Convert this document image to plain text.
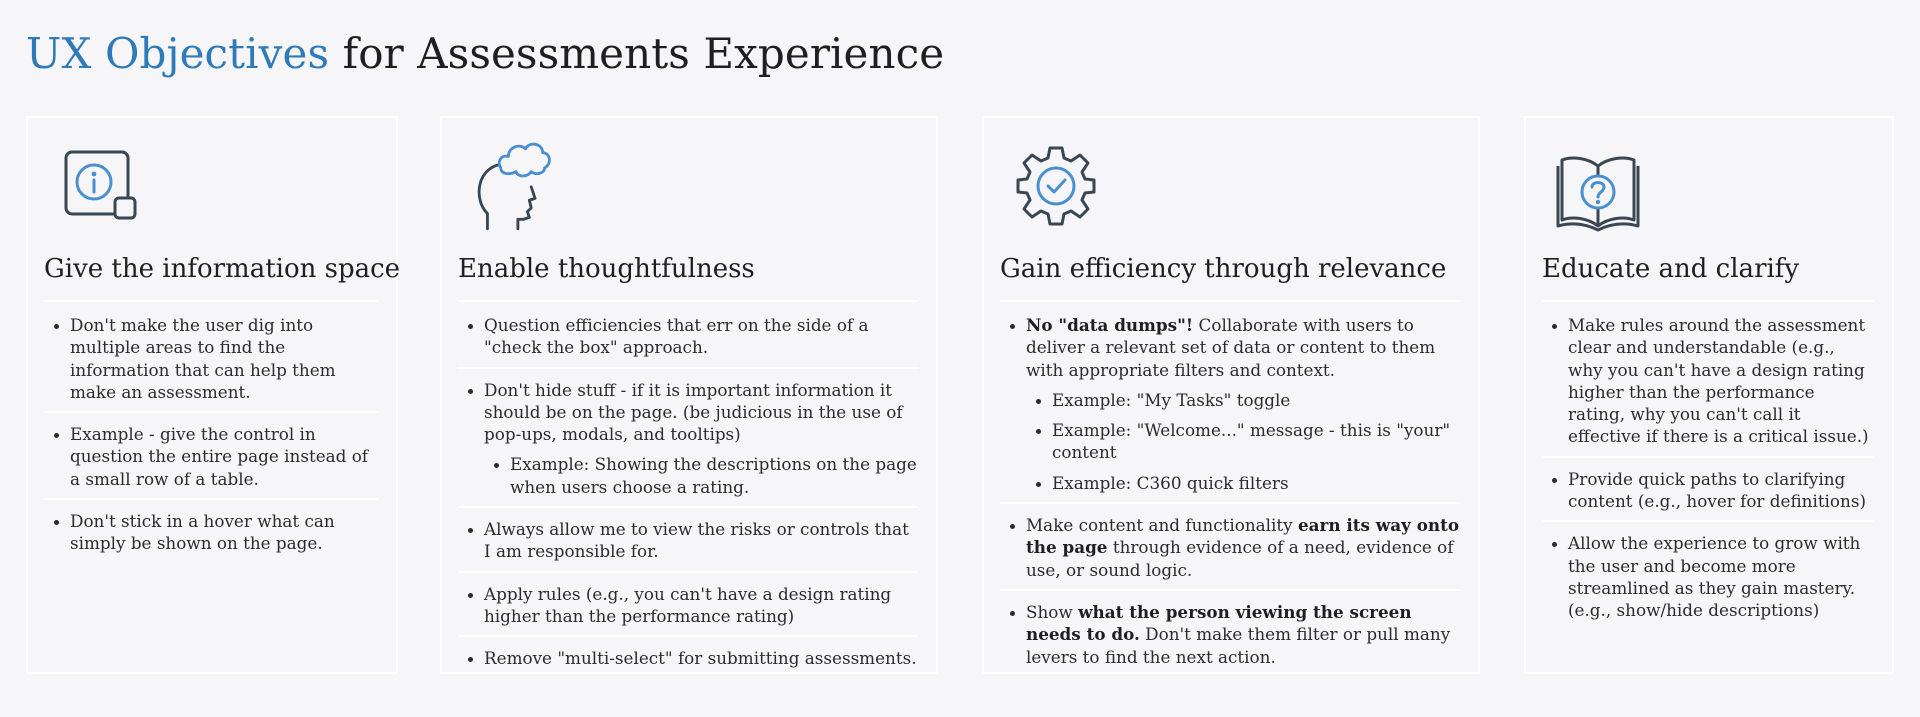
UX Objectives for Assessments Experience
Give the information space
Don't make the user dig into multiple areas to find the information that can help them make an assessment.
Example - give the control in question the entire page instead of a small row of a table.
Don't stick in a hover what can simply be shown on the page.
Enable thoughtfulness
Question efficiencies that err on the side of a "check the box" approach.
Don't hide stuff - if it is important information it should be on the page. (be judicious in the use of pop-ups, modals, and tooltips)
Example: Showing the descriptions on the page when users choose a rating.
Always allow me to view the risks or controls that I am responsible for.
Apply rules (e.g., you can't have a design rating higher than the performance rating)
Remove "multi-select" for submitting assessments.
Gain efficiency through relevance
No "data dumps"! Collaborate with users to deliver a relevant set of data or content to them with appropriate filters and context.
Example: "My Tasks" toggle
Example: "Welcome..." message - this is "your" content
Example: C360 quick filters
Make content and functionality earn its way onto the page through evidence of a need, evidence of use, or sound logic.
Show what the person viewing the screen needs to do. Don't make them filter or pull many levers to find the next action.
Educate and clarify
Make rules around the assessment clear and understandable (e.g., why you can't have a design rating higher than the performance rating, why you can't call it effective if there is a critical issue.)
Provide quick paths to clarifying content (e.g., hover for definitions)
Allow the experience to grow with the user and become more streamlined as they gain mastery. (e.g., show/hide descriptions)
